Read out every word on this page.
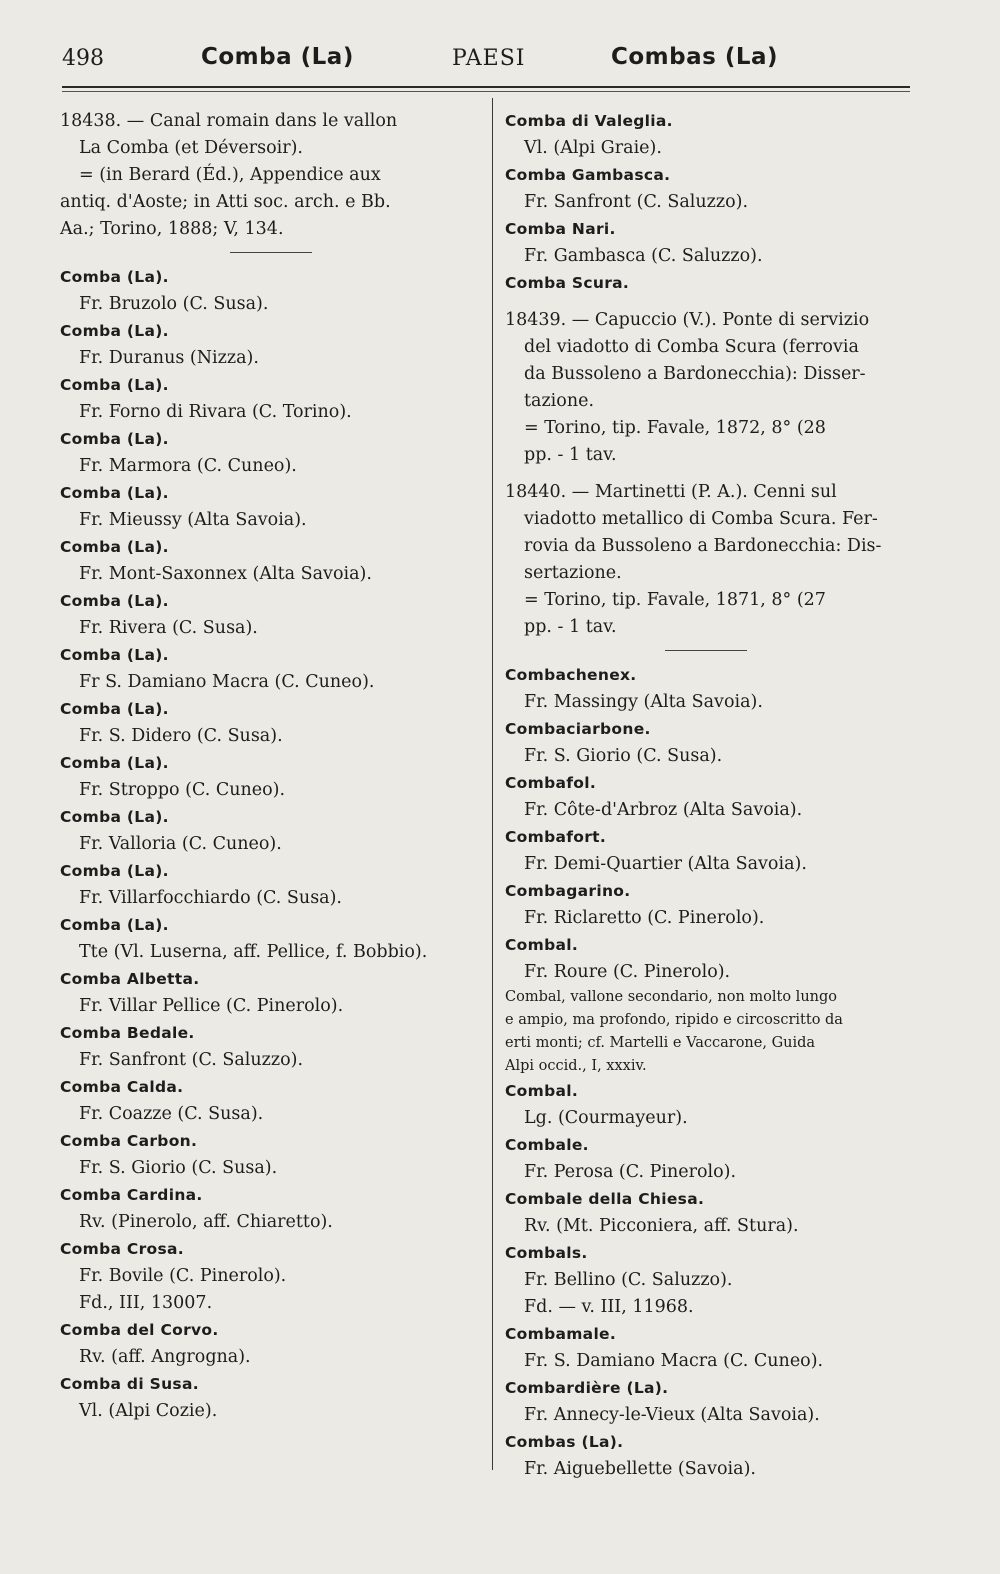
498	Comba (La)	PAESI	Combas (La)
18438. — Canal romain dans le vallon
La Comba (et Déversoir).
= (in Berard (Éd.), Appendice aux
antiq. d'Aoste; in Atti soc. arch. e Bb.
Aa.; Torino, 1888; V, 134.
Comba (La).
Fr. Bruzolo (C. Susa).
Comba (La).
Fr. Duranus (Nizza).
Comba (La).
Fr. Forno di Rivara (C. Torino).
Comba (La).
Fr. Marmora (C. Cuneo).
Comba (La).
Fr. Mieussy (Alta Savoia).
Comba (La).
Fr. Mont-Saxonnex (Alta Savoia).
Comba (La).
Fr. Rivera (C. Susa).
Comba (La).
Fr S. Damiano Macra (C. Cuneo).
Comba (La).
Fr. S. Didero (C. Susa).
Comba (La).
Fr. Stroppo (C. Cuneo).
Comba (La).
Fr. Valloria (C. Cuneo).
Comba (La).
Fr. Villarfocchiardo (C. Susa).
Comba (La).
Tte (Vl. Luserna, aff. Pellice, f. Bobbio).
Comba Albetta.
Fr. Villar Pellice (C. Pinerolo).
Comba Bedale.
Fr. Sanfront (C. Saluzzo).
Comba Calda.
Fr. Coazze (C. Susa).
Comba Carbon.
Fr. S. Giorio (C. Susa).
Comba Cardina.
Rv. (Pinerolo, aff. Chiaretto).
Comba Crosa.
Fr. Bovile (C. Pinerolo).
Fd., III, 13007.
Comba del Corvo.
Rv. (aff. Angrogna).
Comba di Susa.
Vl. (Alpi Cozie).
Comba di Valeglia.
Vl. (Alpi Graie).
Comba Gambasca.
Fr. Sanfront (C. Saluzzo).
Comba Nari.
Fr. Gambasca (C. Saluzzo).
Comba Scura.
18439. — Capuccio (V.). Ponte di servizio
del viadotto di Comba Scura (ferrovia
da Bussoleno a Bardonecchia): Disser-
tazione.
= Torino, tip. Favale, 1872, 8° (28
pp. - 1 tav.
18440. — Martinetti (P. A.). Cenni sul
viadotto metallico di Comba Scura. Fer-
rovia da Bussoleno a Bardonecchia: Dis-
sertazione.
= Torino, tip. Favale, 1871, 8° (27
pp. - 1 tav.
Combachenex.
Fr. Massingy (Alta Savoia).
Combaciarbone.
Fr. S. Giorio (C. Susa).
Combafol.
Fr. Côte-d'Arbroz (Alta Savoia).
Combafort.
Fr. Demi-Quartier (Alta Savoia).
Combagarino.
Fr. Riclaretto (C. Pinerolo).
Combal.
Fr. Roure (C. Pinerolo).
Combal, vallone secondario, non molto lungo
e ampio, ma profondo, ripido e circoscritto da
erti monti; cf. Martelli e Vaccarone, Guida
Alpi occid., I, xxxiv.
Combal.
Lg. (Courmayeur).
Combale.
Fr. Perosa (C. Pinerolo).
Combale della Chiesa.
Rv. (Mt. Picconiera, aff. Stura).
Combals.
Fr. Bellino (C. Saluzzo).
Fd. — v. III, 11968.
Combamale.
Fr. S. Damiano Macra (C. Cuneo).
Combardière (La).
Fr. Annecy-le-Vieux (Alta Savoia).
Combas (La).
Fr. Aiguebellette (Savoia).
